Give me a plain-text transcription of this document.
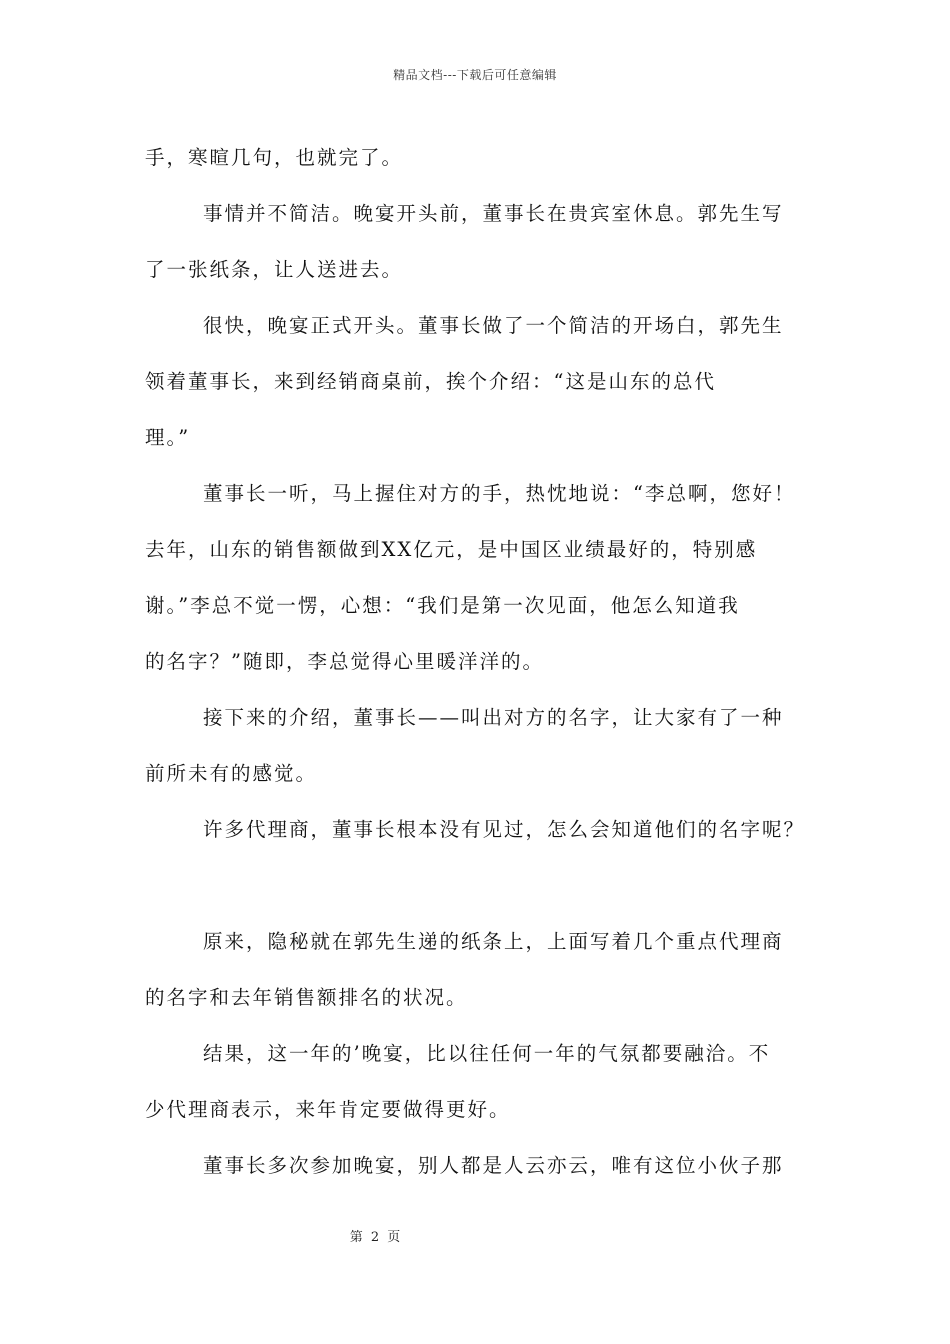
精品文档---下载后可任意编辑
手，寒暄几句，也就完了。
事情并不简洁。晚宴开头前，董事长在贵宾室休息。郭先生写
了一张纸条，让人送进去。
很快，晚宴正式开头。董事长做了一个简洁的开场白，郭先生
领着董事长，来到经销商桌前，挨个介绍：“这是山东的总代
理。”
董事长一听，马上握住对方的手，热忱地说：“李总啊，您好！
去年，山东的销售额做到XX亿元，是中国区业绩最好的，特别感
谢。”李总不觉一愣，心想：“我们是第一次见面，他怎么知道我
的名字？”随即，李总觉得心里暖洋洋的。
接下来的介绍，董事长——叫出对方的名字，让大家有了一种
前所未有的感觉。
许多代理商，董事长根本没有见过，怎么会知道他们的名字呢？
原来，隐秘就在郭先生递的纸条上，上面写着几个重点代理商
的名字和去年销售额排名的状况。
结果，这一年的’晚宴，比以往任何一年的气氛都要融洽。不
少代理商表示，来年肯定要做得更好。
董事长多次参加晚宴，别人都是人云亦云，唯有这位小伙子那
第 2 页
